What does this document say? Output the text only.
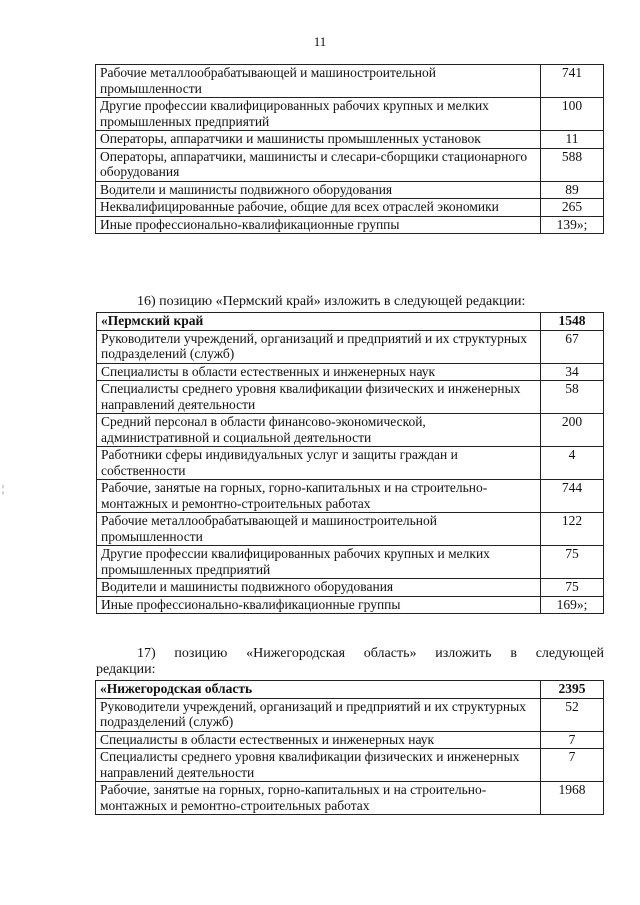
11
Рабочие металлообрабатывающей и машиностроительной промышленности	741
Другие профессии квалифицированных рабочих крупных и мелких промышленных предприятий	100
Операторы, аппаратчики и машинисты промышленных установок	11
Операторы, аппаратчики, машинисты и слесари-сборщики стационарного оборудования	588
Водители и машинисты подвижного оборудования	89
Неквалифицированные рабочие, общие для всех отраслей экономики	265
Иные профессионально-квалификационные группы	139»;
16) позицию «Пермский край» изложить в следующей редакции:
«Пермский край	1548
Руководители учреждений, организаций и предприятий и их структурных подразделений (служб)	67
Специалисты в области естественных и инженерных наук	34
Специалисты среднего уровня квалификации физических и инженерных направлений деятельности	58
Средний персонал в области финансово-экономической, административной и социальной деятельности	200
Работники сферы индивидуальных услуг и защиты граждан и собственности	4
Рабочие, занятые на горных, горно-капитальных и на строительно-монтажных и ремонтно-строительных работах	744
Рабочие металлообрабатывающей и машиностроительной промышленности	122
Другие профессии квалифицированных рабочих крупных и мелких промышленных предприятий	75
Водители и машинисты подвижного оборудования	75
Иные профессионально-квалификационные группы	169»;
17) позицию «Нижегородская область» изложить в следующей
редакции:
«Нижегородская область	2395
Руководители учреждений, организаций и предприятий и их структурных подразделений (служб)	52
Специалисты в области естественных и инженерных наук	7
Специалисты среднего уровня квалификации физических и инженерных направлений деятельности	7
Рабочие, занятые на горных, горно-капитальных и на строительно-монтажных и ремонтно-строительных работах	1968
¦
